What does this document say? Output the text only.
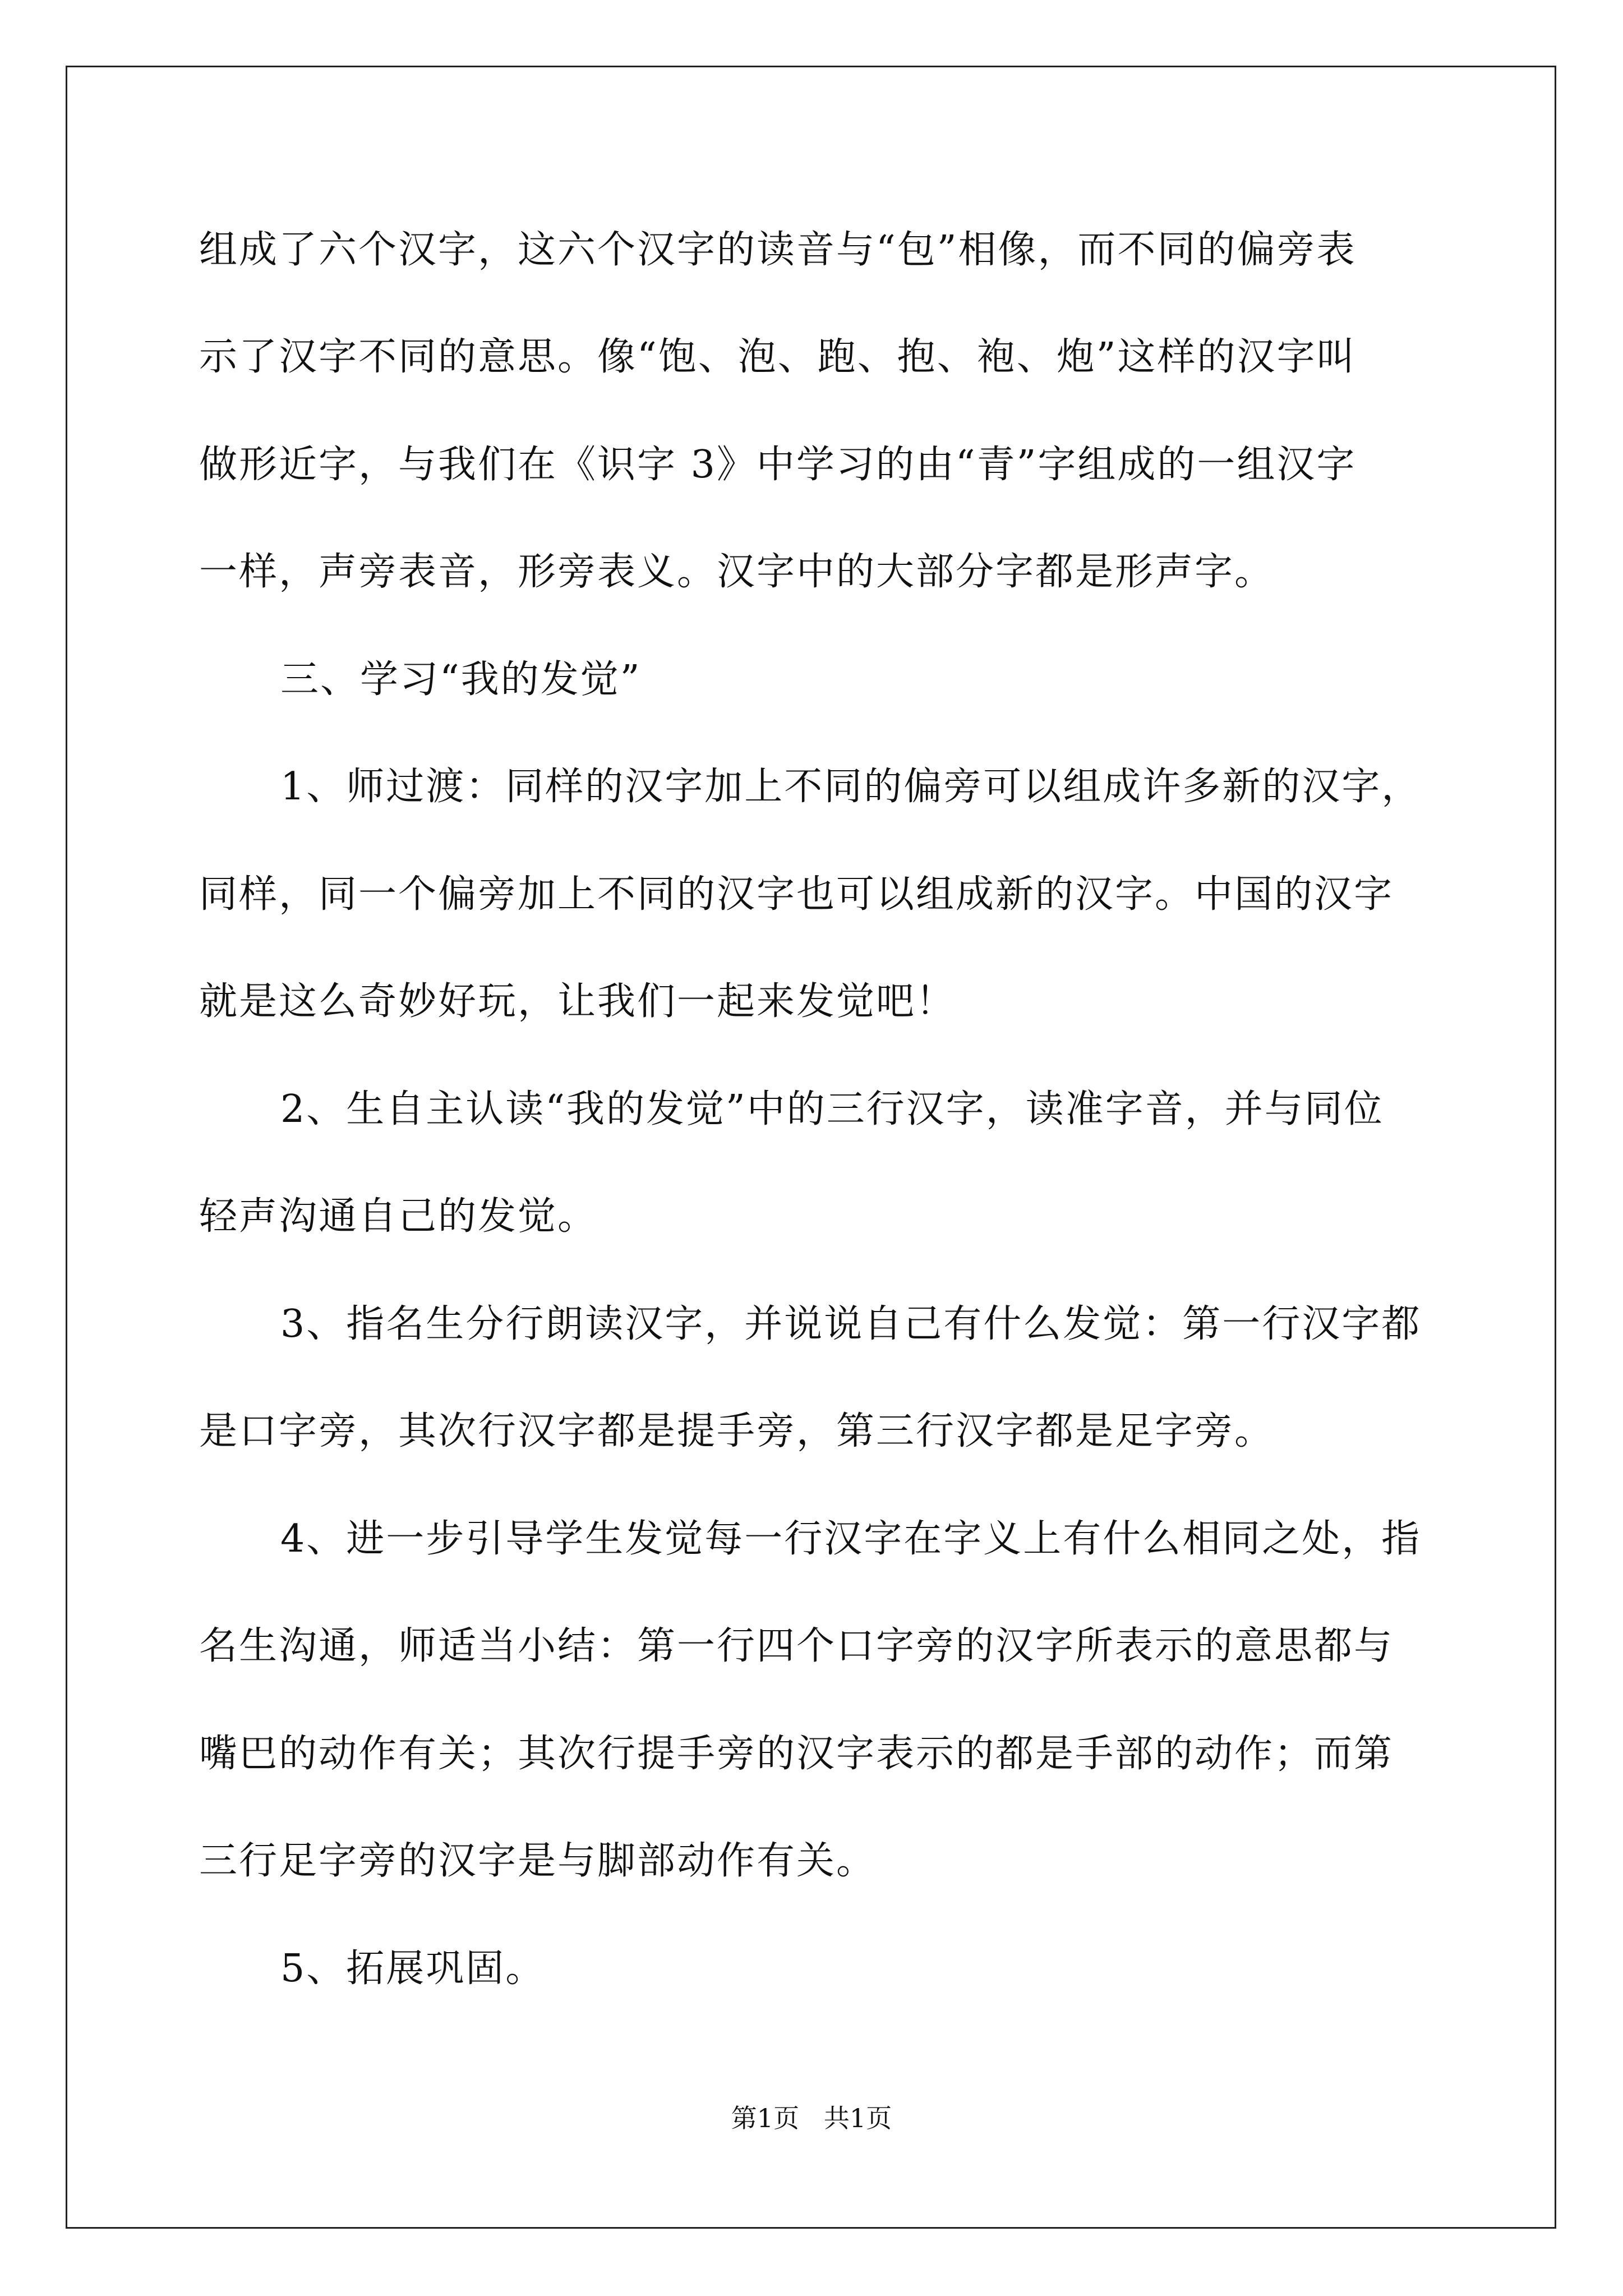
组成了六个汉字，这六个汉字的读音与“包”相像，而不同的偏旁表
示了汉字不同的意思。像“饱、泡、跑、抱、袍、炮”这样的汉字叫
做形近字，与我们在《识字 3》中学习的由“青”字组成的一组汉字
一样，声旁表音，形旁表义。汉字中的大部分字都是形声字。
三、学习“我的发觉”
1、师过渡：同样的汉字加上不同的偏旁可以组成许多新的汉字，
同样，同一个偏旁加上不同的汉字也可以组成新的汉字。中国的汉字
就是这么奇妙好玩，让我们一起来发觉吧！
2、生自主认读“我的发觉”中的三行汉字，读准字音，并与同位
轻声沟通自己的发觉。
3、指名生分行朗读汉字，并说说自己有什么发觉：第一行汉字都
是口字旁，其次行汉字都是提手旁，第三行汉字都是足字旁。
4、进一步引导学生发觉每一行汉字在字义上有什么相同之处，指
名生沟通，师适当小结：第一行四个口字旁的汉字所表示的意思都与
嘴巴的动作有关；其次行提手旁的汉字表示的都是手部的动作；而第
三行足字旁的汉字是与脚部动作有关。
5、拓展巩固。
第1页   共1页
